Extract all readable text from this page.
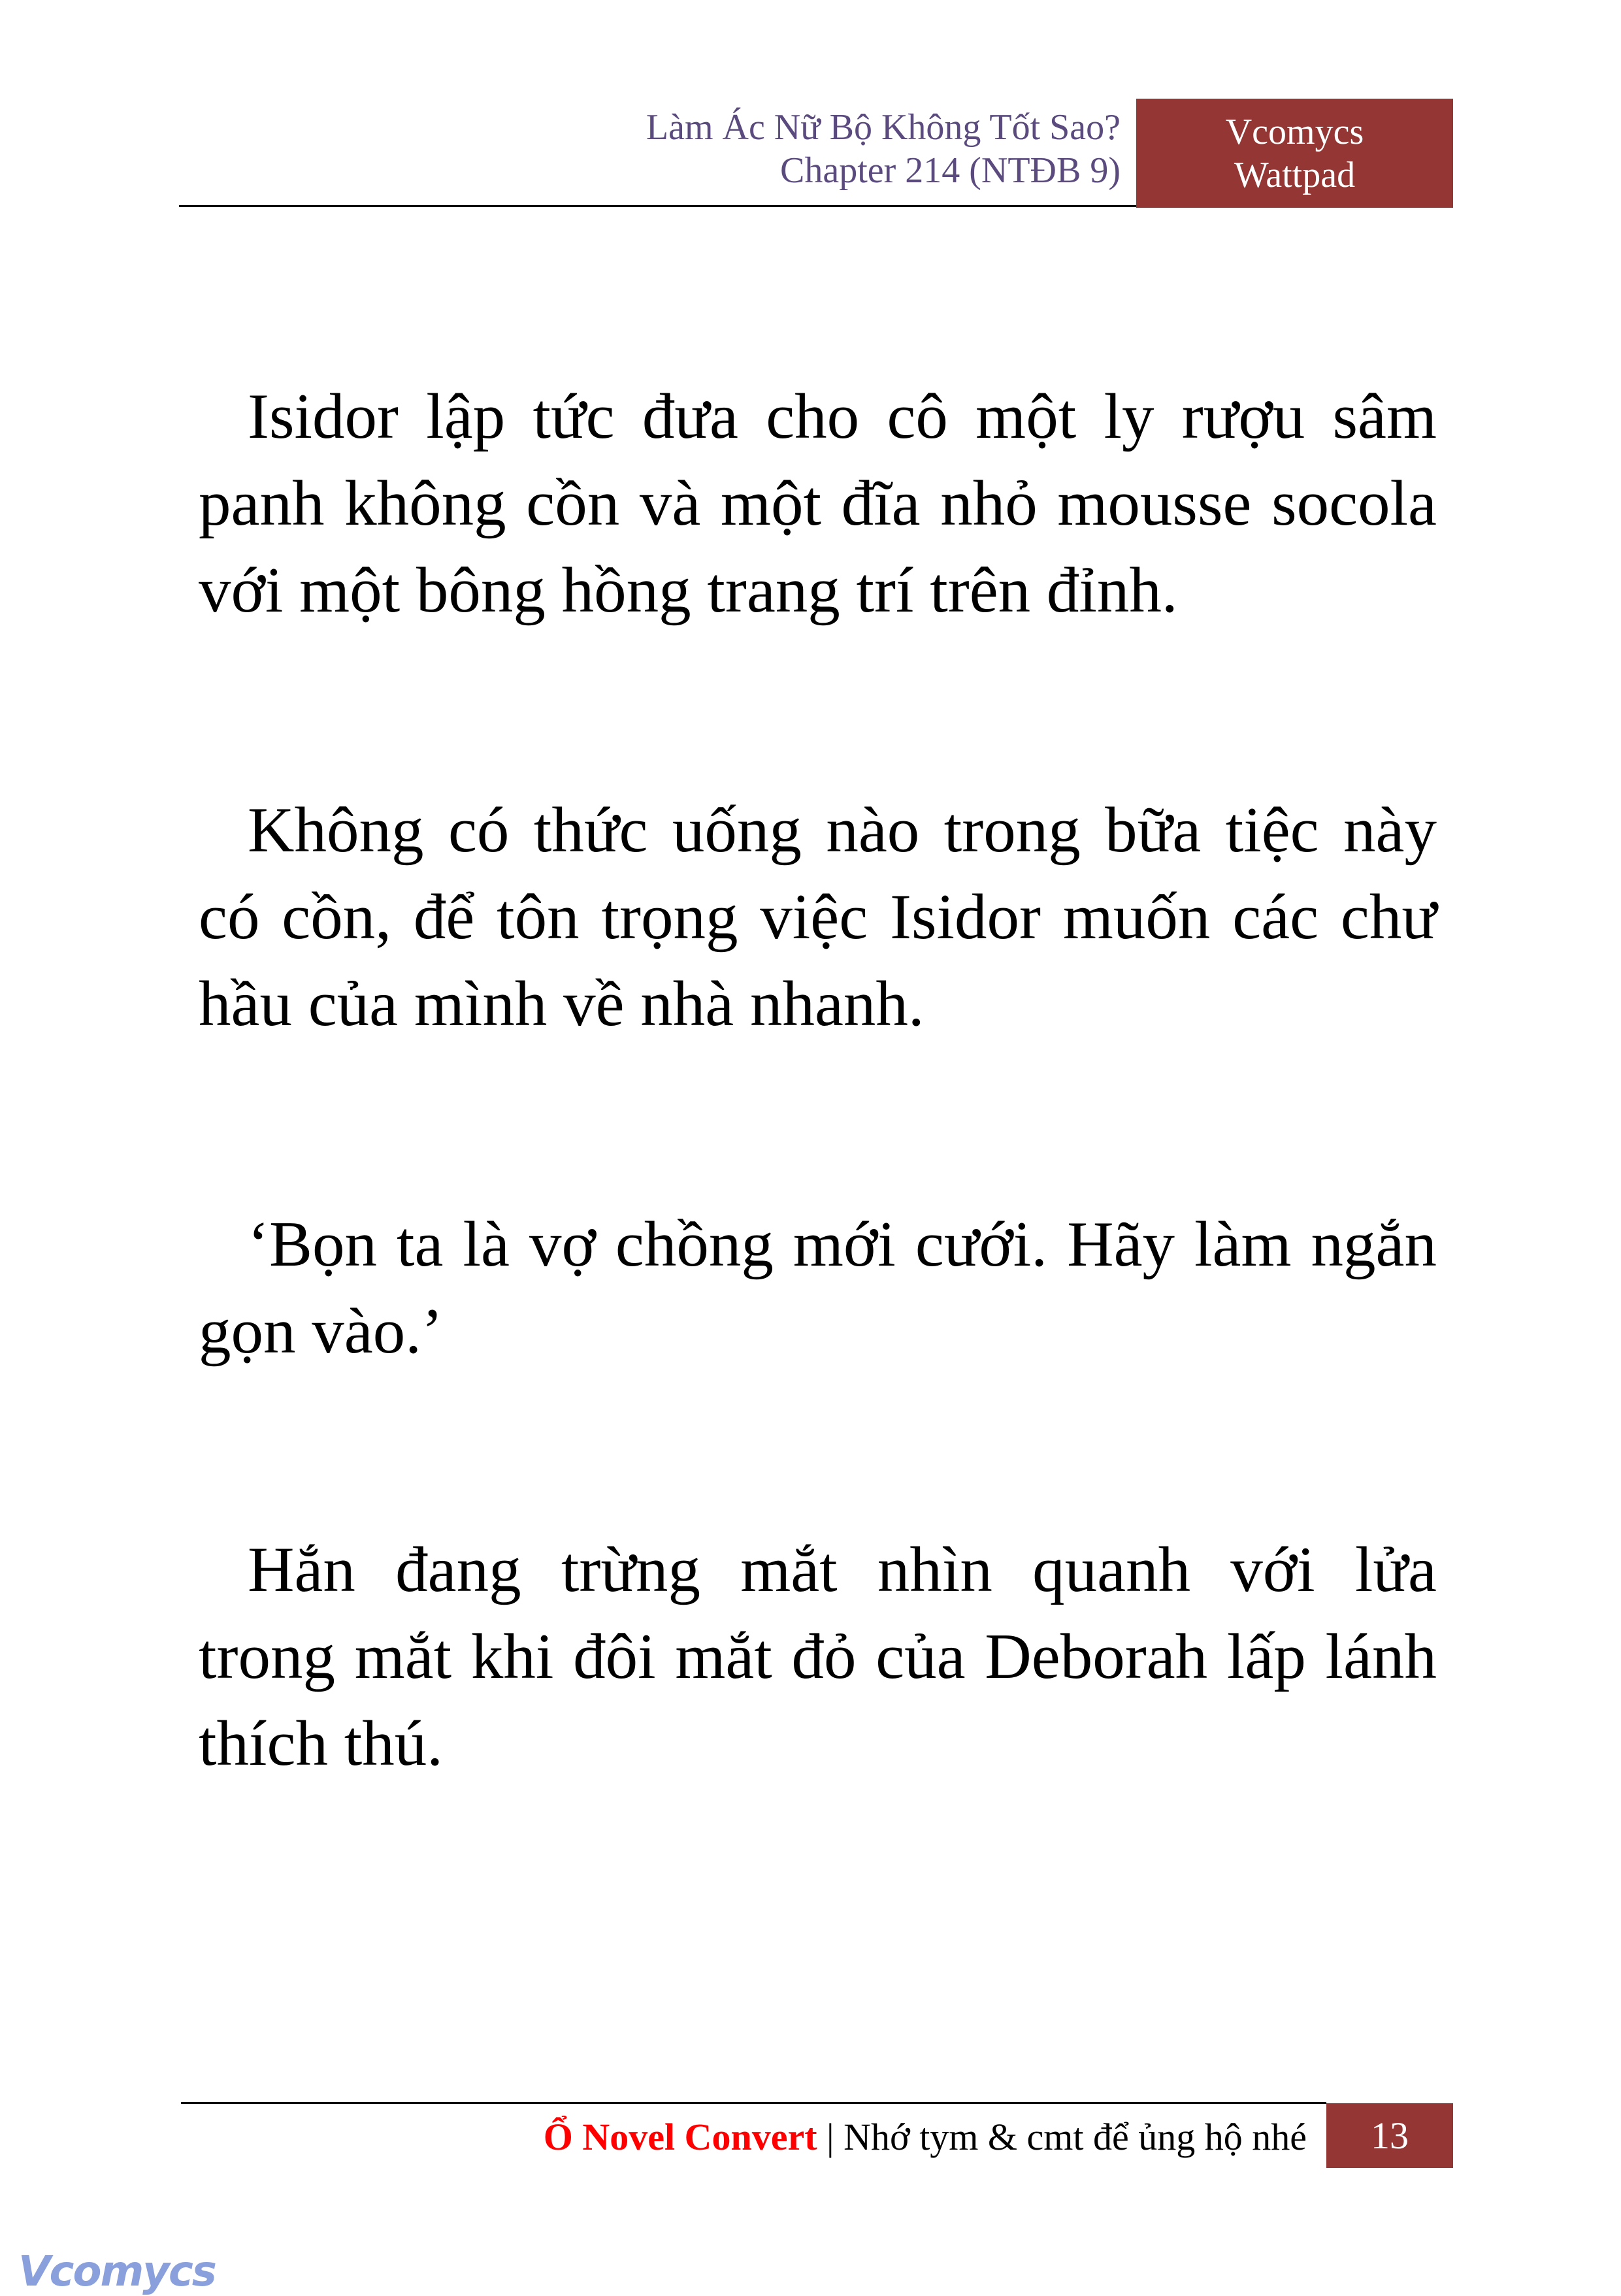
Làm Ác Nữ Bộ Không Tốt Sao?
Chapter 214 (NTĐB 9)
Vcomycs
Wattpad
Isidor lập tức đưa cho cô một ly rượu sâm
panh không cồn và một đĩa nhỏ mousse socola
với một bông hồng trang trí trên đỉnh.
Không có thức uống nào trong bữa tiệc này
có cồn, để tôn trọng việc Isidor muốn các chư
hầu của mình về nhà nhanh.
‘Bọn ta là vợ chồng mới cưới. Hãy làm ngắn
gọn vào.’
Hắn đang trừng mắt nhìn quanh với lửa
trong mắt khi đôi mắt đỏ của Deborah lấp lánh
thích thú.
Ổ Novel Convert | Nhớ tym & cmt để ủng hộ nhé	13
Vcomycs
